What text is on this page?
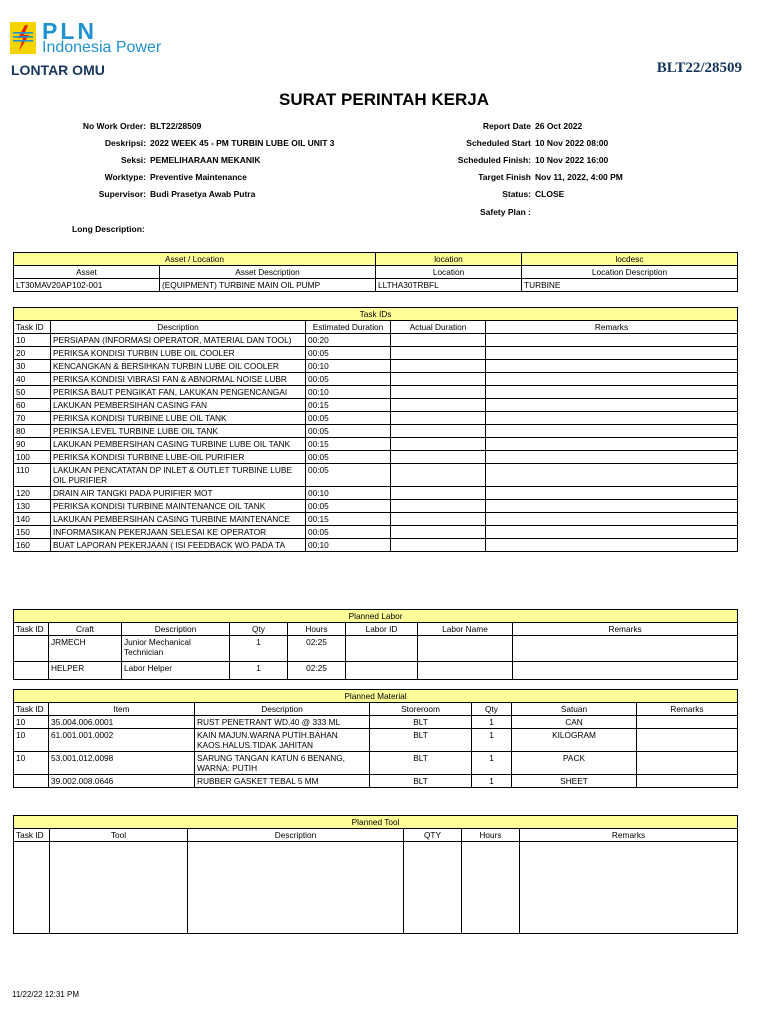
PLN
Indonesia Power
LONTAR OMU	BLT22/28509
SURAT PERINTAH KERJA
No Work Order: BLT22/28509
Deskripsi: 2022 WEEK 45 - PM TURBIN LUBE OIL UNIT 3
Seksi: PEMELIHARAAN MEKANIK
Worktype: Preventive Maintenance
Supervisor: Budi Prasetya Awab Putra
Report Date 26 Oct 2022
Scheduled Start 10 Nov 2022 08:00
Scheduled Finish: 10 Nov 2022 16:00
Target Finish Nov 11, 2022, 4:00 PM
Status: CLOSE
Safety Plan :
Long Description:
Asset / Location		location	locdesc
Asset	Asset Description	Location	Location Description
LT30MAV20AP102-001	(EQUIPMENT) TURBINE MAIN OIL PUMP	LLTHA30TRBFL	TURBINE
Task IDs				
Task ID	Description	Estimated Duration	Actual Duration	Remarks
10	PERSIAPAN (INFORMASI OPERATOR, MATERIAL DAN TOOL)	00:20		
20	PERIKSA KONDISI TURBIN LUBE OIL COOLER	00:05		
30	KENCANGKAN & BERSIHKAN TURBIN LUBE OIL COOLER	00:10		
40	PERIKSA KONDISI VIBRASI FAN & ABNORMAL NOISE LUBR	00:05		
50	PERIKSA BAUT PENGIKAT FAN, LAKUKAN PENGENCANGAI	00:10		
60	LAKUKAN PEMBERSIHAN CASING FAN	00:15		
70	PERIKSA KONDISI TURBINE LUBE OIL TANK	00:05		
80	PERIKSA LEVEL TURBINE LUBE OIL TANK	00:05		
90	LAKUKAN PEMBERSIHAN CASING TURBINE LUBE OIL TANK	00:15		
100	PERIKSA KONDISI TURBINE LUBE-OIL PURIFIER	00:05		
110	LAKUKAN PENCATATAN DP INLET & OUTLET TURBINE LUBE OIL PURIFIER	00:05		
120	DRAIN AIR TANGKI PADA PURIFIER MOT	00:10		
130	PERIKSA KONDISI TURBINE MAINTENANCE OIL TANK	00:05		
140	LAKUKAN PEMBERSIHAN CASING TURBINE MAINTENANCE	00:15		
150	INFORMASIKAN PEKERJAAN SELESAI KE OPERATOR	00:05		
160	BUAT LAPORAN PEKERJAAN ( ISI FEEDBACK WO PADA TA	00:10		
Planned Labor							
Task ID	Craft	Description	Qty	Hours	Labor ID	Labor Name	Remarks
	JRMECH	Junior Mechanical Technician	1	02:25			
	HELPER	Labor Helper	1	02:25			
Planned Material						
Task ID	Item	Description	Storeroom	Qty	Satuan	Remarks
10	35.004.006.0001	RUST PENETRANT WD.40 @ 333 ML	BLT	1	CAN	
10	61.001.001.0002	KAIN MAJUN.WARNA PUTIH.BAHAN KAOS.HALUS.TIDAK JAHITAN	BLT	1	KILOGRAM	
10	53.001.012.0098	SARUNG TANGAN KATUN 6 BENANG, WARNA: PUTIH	BLT	1	PACK	
	39.002.008.0646	RUBBER GASKET TEBAL 5 MM	BLT	1	SHEET	
Planned Tool					
Task ID	Tool	Description	QTY	Hours	Remarks

11/22/22 12:31 PM
